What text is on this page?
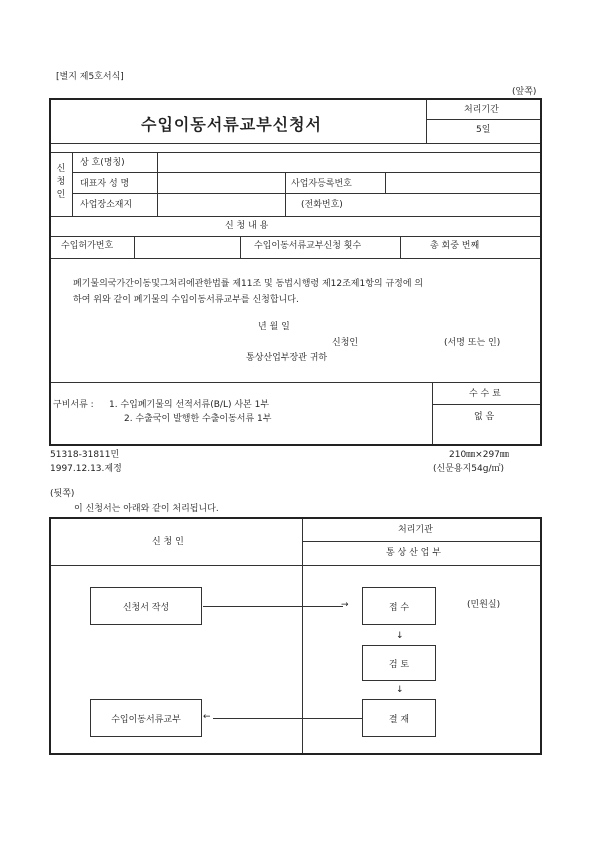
[별지 제5호서식]
(앞쪽)
수입이동서류교부신청서
처리기간
5일
신
청
인
상 호(명칭)
대표자 성 명	사업자등록번호
사업장소재지	(전화번호)
신 청 내 용
수입허가번호	수입이동서류교부신청 횟수	총 회중 번째
폐기물의국가간이동및그처리에관한법률 제11조 및 동법시행령 제12조제1항의 규정에 의
하여 위와 같이 폐기물의 수입이동서류교부를 신청합니다.
년 월 일
신청인	(서명 또는 인)
통상산업부장관 귀하
수 수 료
없 음
구비서류 : 1. 수입폐기물의 선적서류(B/L) 사본 1부
2. 수출국이 발행한 수출이동서류 1부
51318-31811민
1997.12.13.제정
210㎜×297㎜
(신문용지54g/㎡)
(뒷쪽)
이 신청서는 아래와 같이 처리됩니다.
신 청 인
처리기관
통 상 산 업 부
신청서 작성	→	접 수	(민원실)
↓
검 토
↓
결 재
←
수입이동서류교부
